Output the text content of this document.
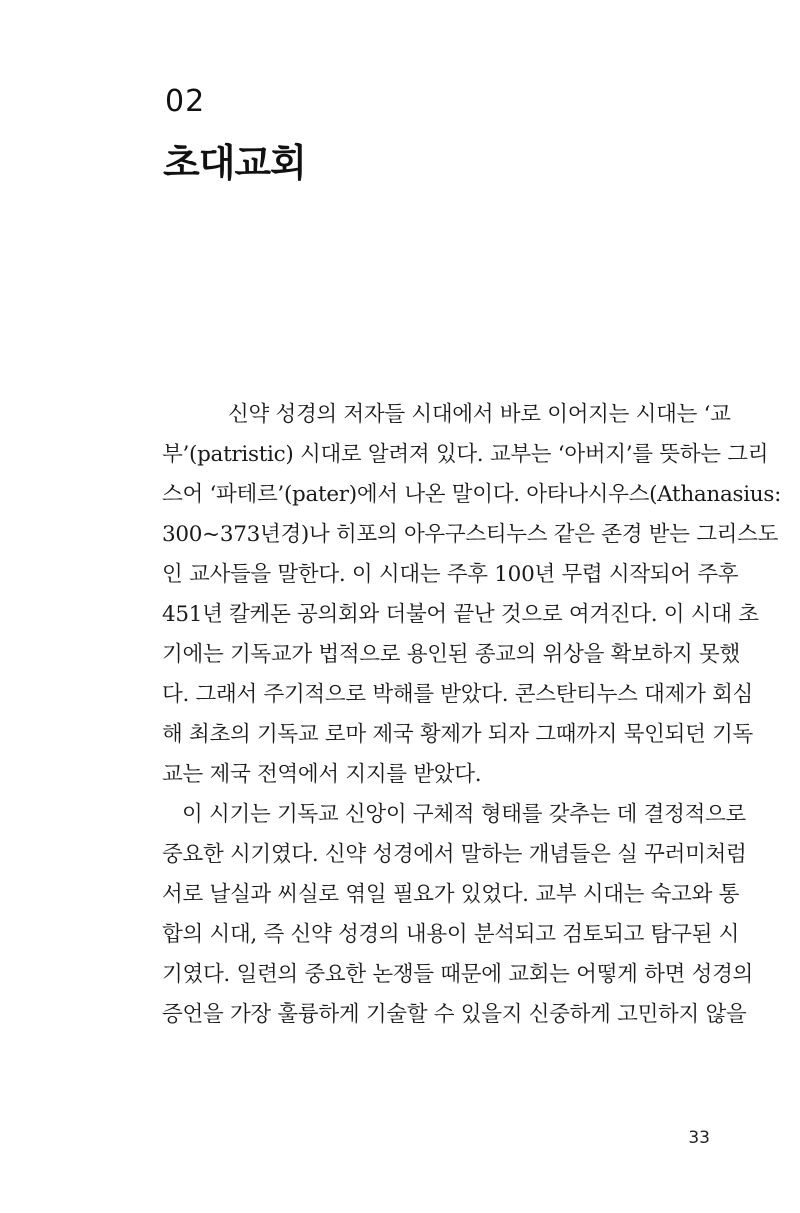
02
초대교회
신약 성경의 저자들 시대에서 바로 이어지는 시대는 ‘교
부’(patristic) 시대로 알려져 있다. 교부는 ‘아버지’를 뜻하는 그리
스어 ‘파테르’(pater)에서 나온 말이다. 아타나시우스(Athanasius:
300~373년경)나 히포의 아우구스티누스 같은 존경 받는 그리스도
인 교사들을 말한다. 이 시대는 주후 100년 무렵 시작되어 주후
451년 칼케돈 공의회와 더불어 끝난 것으로 여겨진다. 이 시대 초
기에는 기독교가 법적으로 용인된 종교의 위상을 확보하지 못했
다. 그래서 주기적으로 박해를 받았다. 콘스탄티누스 대제가 회심
해 최초의 기독교 로마 제국 황제가 되자 그때까지 묵인되던 기독
교는 제국 전역에서 지지를 받았다.
이 시기는 기독교 신앙이 구체적 형태를 갖추는 데 결정적으로
중요한 시기였다. 신약 성경에서 말하는 개념들은 실 꾸러미처럼
서로 날실과 씨실로 엮일 필요가 있었다. 교부 시대는 숙고와 통
합의 시대, 즉 신약 성경의 내용이 분석되고 검토되고 탐구된 시
기였다. 일련의 중요한 논쟁들 때문에 교회는 어떻게 하면 성경의
증언을 가장 훌륭하게 기술할 수 있을지 신중하게 고민하지 않을
33
